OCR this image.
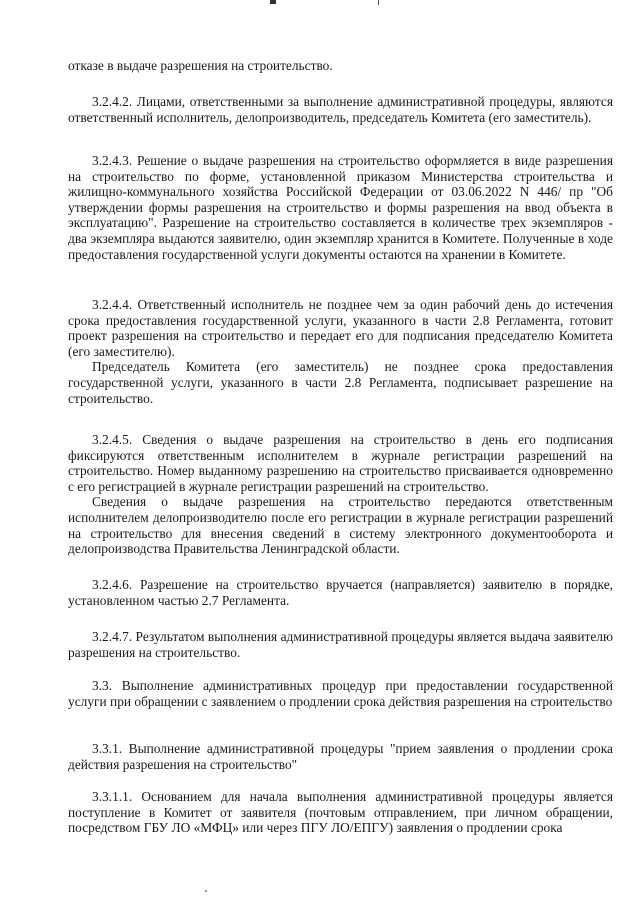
отказе в выдаче разрешения на строительство.

3.2.4.2. Лицами, ответственными за выполнение административной процедуры, являются ответственный исполнитель, делопроизводитель, председатель Комитета (его заместитель).

3.2.4.3. Решение о выдаче разрешения на строительство оформляется в виде разрешения на строительство по форме, установленной приказом Министерства строительства и жилищно-коммунального хозяйства Российской Федерации от 03.06.2022 N 446/ пр "Об утверждении формы разрешения на строительство и формы разрешения на ввод объекта в эксплуатацию". Разрешение на строительство составляется в количестве трех экземпляров - два экземпляра выдаются заявителю, один экземпляр хранится в Комитете. Полученные в ходе предоставления государственной услуги документы остаются на хранении в Комитете.

3.2.4.4. Ответственный исполнитель не позднее чем за один рабочий день до истечения срока предоставления государственной услуги, указанного в части 2.8 Регламента, готовит проект разрешения на строительство и передает его для подписания председателю Комитета (его заместителю).

Председатель Комитета (его заместитель) не позднее срока предоставления государственной услуги, указанного в части 2.8 Регламента, подписывает разрешение на строительство.

3.2.4.5. Сведения о выдаче разрешения на строительство в день его подписания фиксируются ответственным исполнителем в журнале регистрации разрешений на строительство. Номер выданному разрешению на строительство присваивается одновременно с его регистрацией в журнале регистрации разрешений на строительство.

Сведения о выдаче разрешения на строительство передаются ответственным исполнителем делопроизводителю после его регистрации в журнале регистрации разрешений на строительство для внесения сведений в систему электронного документооборота и делопроизводства Правительства Ленинградской области.

3.2.4.6. Разрешение на строительство вручается (направляется) заявителю в порядке, установленном частью 2.7 Регламента.

3.2.4.7. Результатом выполнения административной процедуры является выдача заявителю разрешения на строительство.

3.3. Выполнение административных процедур при предоставлении государственной услуги при обращении с заявлением о продлении срока действия разрешения на строительство

3.3.1. Выполнение административной процедуры "прием заявления о продлении срока действия разрешения на строительство"

3.3.1.1. Основанием для начала выполнения административной процедуры является поступление в Комитет от заявителя (почтовым отправлением, при личном обращении, посредством ГБУ ЛО «МФЦ» или через ПГУ ЛО/ЕПГУ) заявления о продлении срока
